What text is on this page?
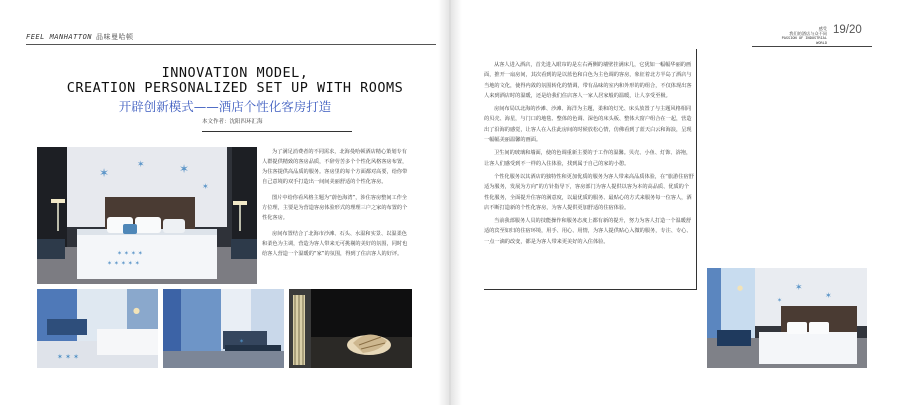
FEEL MANHATTON 品味曼哈顿
INNOVATION MODEL,
CREATION PERSONALIZED SET UP WITH ROOMS
开辟创新模式——酒店个性化客房打造
本文作者：沈阳四环汇海

为了满足消费者的不同需求，北海曼哈顿酒店精心策划专有人群提供精致的客房品质，不辞劳苦多个个性化风格客房布置，为住客提供高品质的服务。客房里的每个方面都对高要，给你带自己意境的双手打造出一间间美丽舒适的个性化客房。

图片中给你看风格主题为“蔚色海湾”，涉住客房整间工作全方位理，主要是为营造客房体验形式的理理三户之家的布置的个性化客房。

房间布置结合了北海市沙滩、石头、水温和实景、以温柔色和柔色为主调，营造为客人带来无可挑剔的美好的氛围，同时也给客人营造一个温暖的“家”的氛围，得到了住店客人的好评。

✶
✶	✶
✶
✶ ✶ ✶ ✶
✶ ✶ ✶ ✶ ✶
✶ ✶ ✶
●
✶
感受
我们的酒店与众不同
PASSION OF INDUSTRIAL
WORLD
19/20

从客人进入酒店，首先进入眼帘的是左右两侧的墙壁挂满床几，它犹如一幅幅华丽的画面，推开一扇房间，其次看到的是以蓝色和白色为主色调的客房，象征着北方半岛了酒店与当地的文化，使得内敛的氛围转化的情调，带有品味的室内和外形的的组合，不仅体现出客人来到酒店时的温暖，还是给我们住店客人一家人居家般的温暖，让人享受至极。

房间布局以北海的沙滩、沙滩、海洋为主题，柔和的灯光、床头放置了与主题风格相同的贝壳、海星，与门口的地毯、整体的色调、深色的床头板、整体大窗户组合在一起，营造出了沿海的感觉，让客人在入住此房间的时候放松心情，仿佛看到了蓝天白云和海浪，呈现一幅幅美丽温馨的画面。

卫生间的玻璃和墙面，使的色调重新主要的于工作的温馨。贝壳、小鱼、灯饰、浴袍，让客人们感受到不一样的入住体验，找到属于自己的家的小憩。

个性化服务以其酒店的独特性和更加优质的服务为客人带来高品质体验，在“旅游住宿舒适为服务，发展为方向”的方针指导下，客房部门为客人提供以客为本的高品质、优质的个性化服务，全面提升住客的满意度，以最优质的服务、最贴心的方式来服务每一位客人，酒店不断打造新的个性化客房，为客人提供更加舒适的住宿体验。

当前我部服务人员的技能操作和服务态度上都有新的提升，努力为客人打造一个温暖舒适的宾至如归的住宿环境，用手、用心、用情，为客人提供贴心入微的服务，专注、专心、一点一滴的改变，都是为客人带来更美好的入住体验。

✶
✶
✶
●
